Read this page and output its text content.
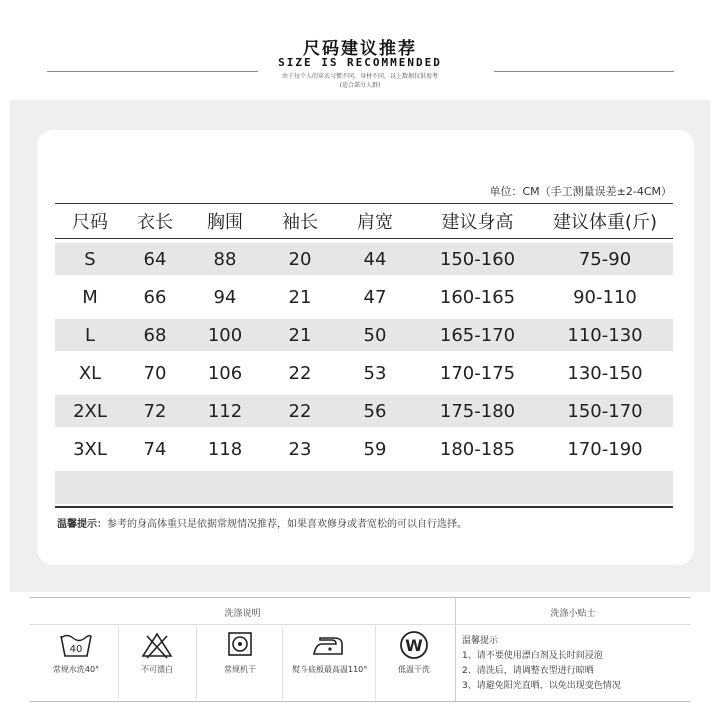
尺码建议推荐
SIZE IS RECOMMENDED
由于每个人的穿衣习惯不同，身材不同，以上数据仅供参考
(适合部分人群)
单位：CM（手工测量误差±2-4CM）
尺码	衣长	胸围	袖长	肩宽	建议身高	建议体重(斤)
S	64	88	20	44	150-160	75-90
M	66	94	21	47	160-165	90-110
L	68	100	21	50	165-170	110-130
XL	70	106	22	53	170-175	130-150
2XL	72	112	22	56	175-180	150-170
3XL	74	118	23	59	180-185	170-190
温馨提示：参考的身高体重只是依据常规情况推荐，如果喜欢修身或者宽松的可以自行选择。
洗涤说明	洗涤小贴士
40
常规水洗40°	不可漂白	常规机干	熨斗底板最高温110°
W
低温干洗
温馨提示
1、请不要使用漂白剂及长时间浸泡
2、清洗后，请调整衣型进行晾晒
3、请避免阳光直晒，以免出现变色情况
